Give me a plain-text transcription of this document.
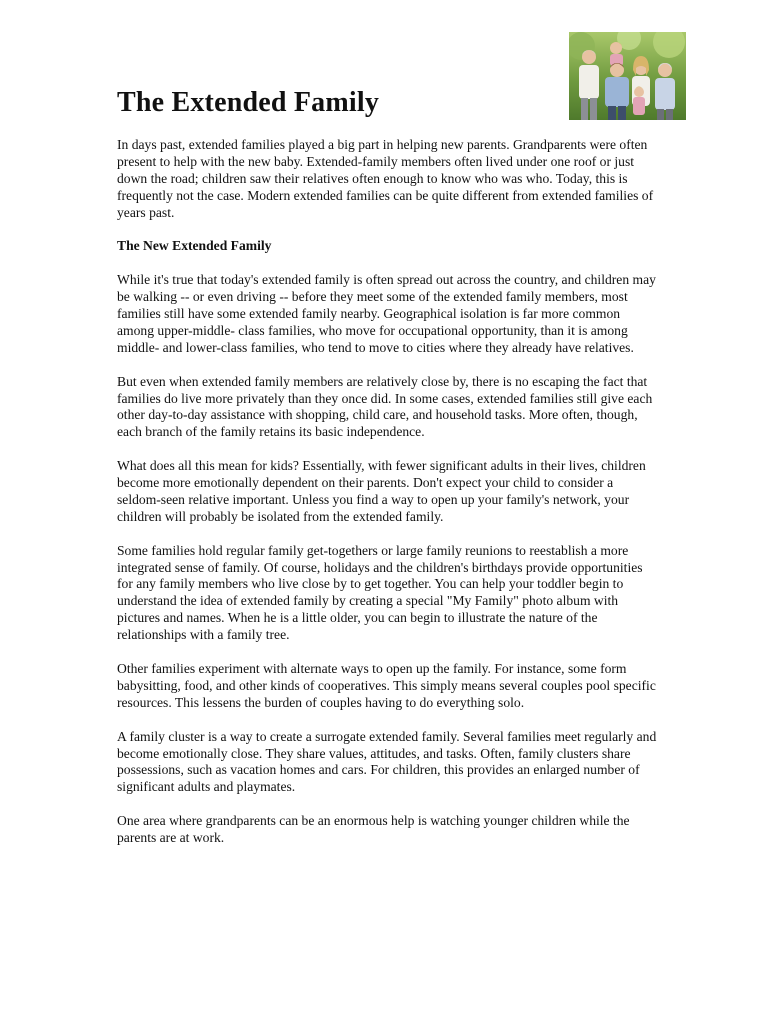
The Extended Family

In days past, extended families played a big part in helping new parents. Grandparents were often present to help with the new baby. Extended-family members often lived under one roof or just down the road; children saw their relatives often enough to know who was who. Today, this is frequently not the case. Modern extended families can be quite different from extended families of years past.

The New Extended Family

While it's true that today's extended family is often spread out across the country, and children may be walking -- or even driving -- before they meet some of the extended family members, most families still have some extended family nearby. Geographical isolation is far more common among upper-middle- class families, who move for occupational opportunity, than it is among middle- and lower-class families, who tend to move to cities where they already have relatives.

But even when extended family members are relatively close by, there is no escaping the fact that families do live more privately than they once did. In some cases, extended families still give each other day-to-day assistance with shopping, child care, and household tasks. More often, though, each branch of the family retains its basic independence.

What does all this mean for kids? Essentially, with fewer significant adults in their lives, children become more emotionally dependent on their parents. Don't expect your child to consider a seldom-seen relative important. Unless you find a way to open up your family's network, your children will probably be isolated from the extended family.

Some families hold regular family get-togethers or large family reunions to reestablish a more integrated sense of family. Of course, holidays and the children's birthdays provide opportunities for any family members who live close by to get together. You can help your toddler begin to understand the idea of extended family by creating a special "My Family" photo album with pictures and names. When he is a little older, you can begin to illustrate the nature of the relationships with a family tree.

Other families experiment with alternate ways to open up the family. For instance, some form babysitting, food, and other kinds of cooperatives. This simply means several couples pool specific resources. This lessens the burden of couples having to do everything solo.

A family cluster is a way to create a surrogate extended family. Several families meet regularly and become emotionally close. They share values, attitudes, and tasks. Often, family clusters share possessions, such as vacation homes and cars. For children, this provides an enlarged number of significant adults and playmates.

One area where grandparents can be an enormous help is watching younger children while the parents are at work.
